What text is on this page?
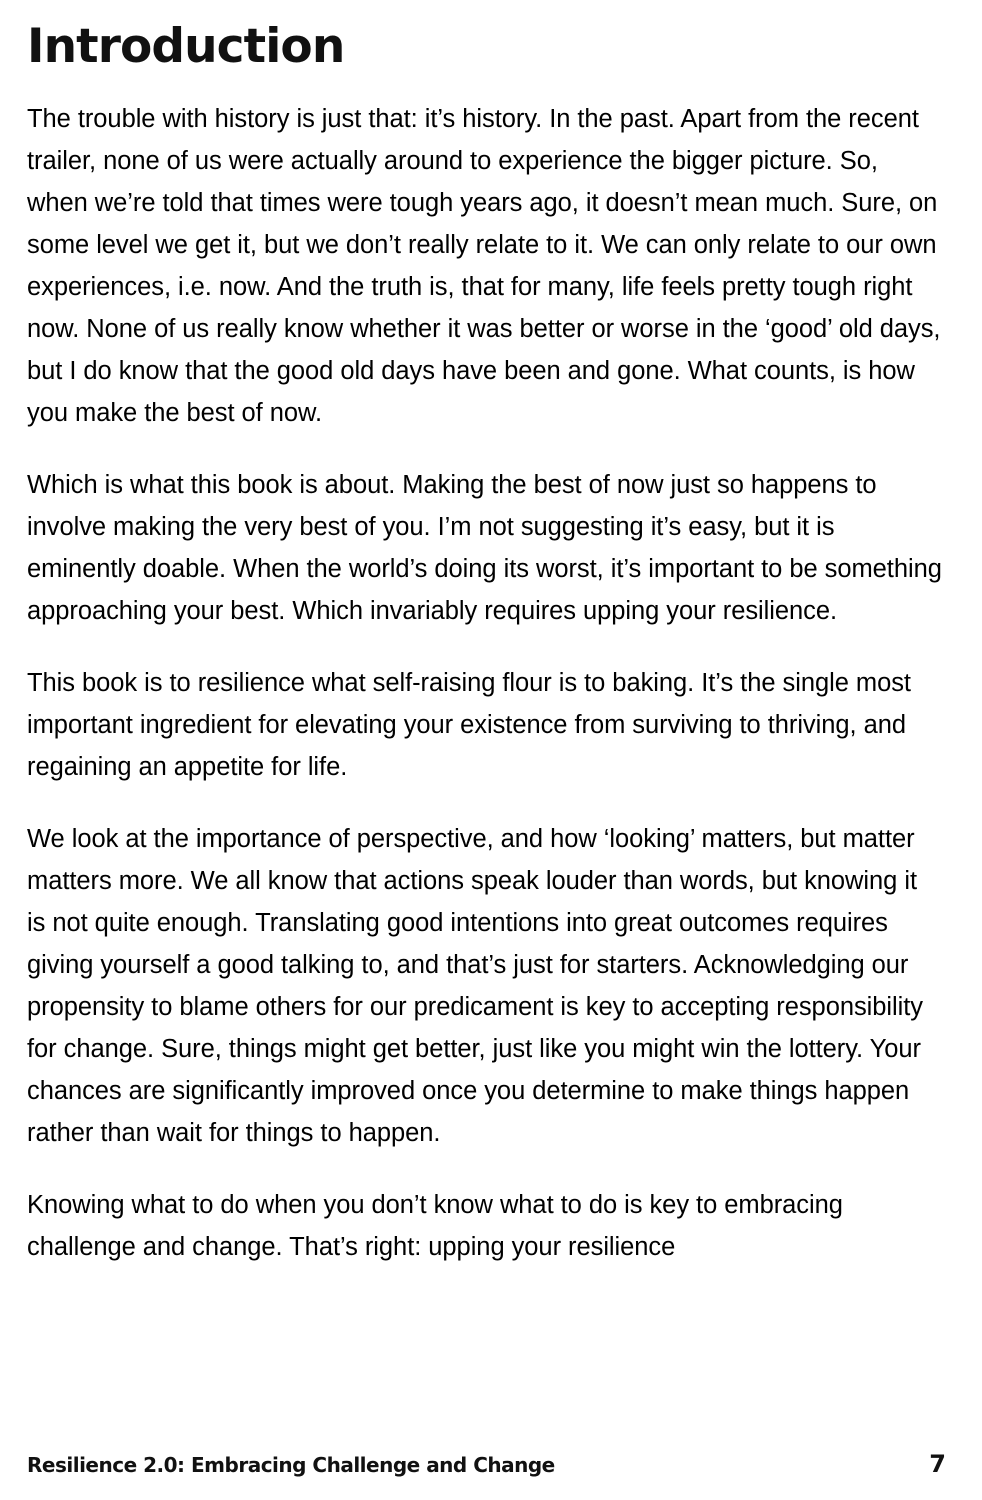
Introduction

The trouble with history is just that: it’s history. In the past. Apart from the recent trailer, none of us were actually around to experience the bigger picture. So, when we’re told that times were tough years ago, it doesn’t mean much. Sure, on some level we get it, but we don’t really relate to it. We can only relate to our own experiences, i.e. now. And the truth is, that for many, life feels pretty tough right now. None of us really know whether it was better or worse in the ‘good’ old days, but I do know that the good old days have been and gone. What counts, is how you make the best of now.

Which is what this book is about. Making the best of now just so happens to involve making the very best of you. I’m not suggesting it’s easy, but it is eminently doable. When the world’s doing its worst, it’s important to be something approaching your best. Which invariably requires upping your resilience.

This book is to resilience what self-raising flour is to baking. It’s the single most important ingredient for elevating your existence from surviving to thriving, and regaining an appetite for life.

We look at the importance of perspective, and how ‘looking’ matters, but matter matters more. We all know that actions speak louder than words, but knowing it is not quite enough. Translating good intentions into great outcomes requires giving yourself a good talking to, and that’s just for starters. Acknowledging our propensity to blame others for our predicament is key to accepting responsibility for change. Sure, things might get better, just like you might win the lottery. Your chances are significantly improved once you determine to make things happen rather than wait for things to happen.

Knowing what to do when you don’t know what to do is key to embracing challenge and change. That’s right: upping your resilience

Resilience 2.0: Embracing Challenge and Change	7
